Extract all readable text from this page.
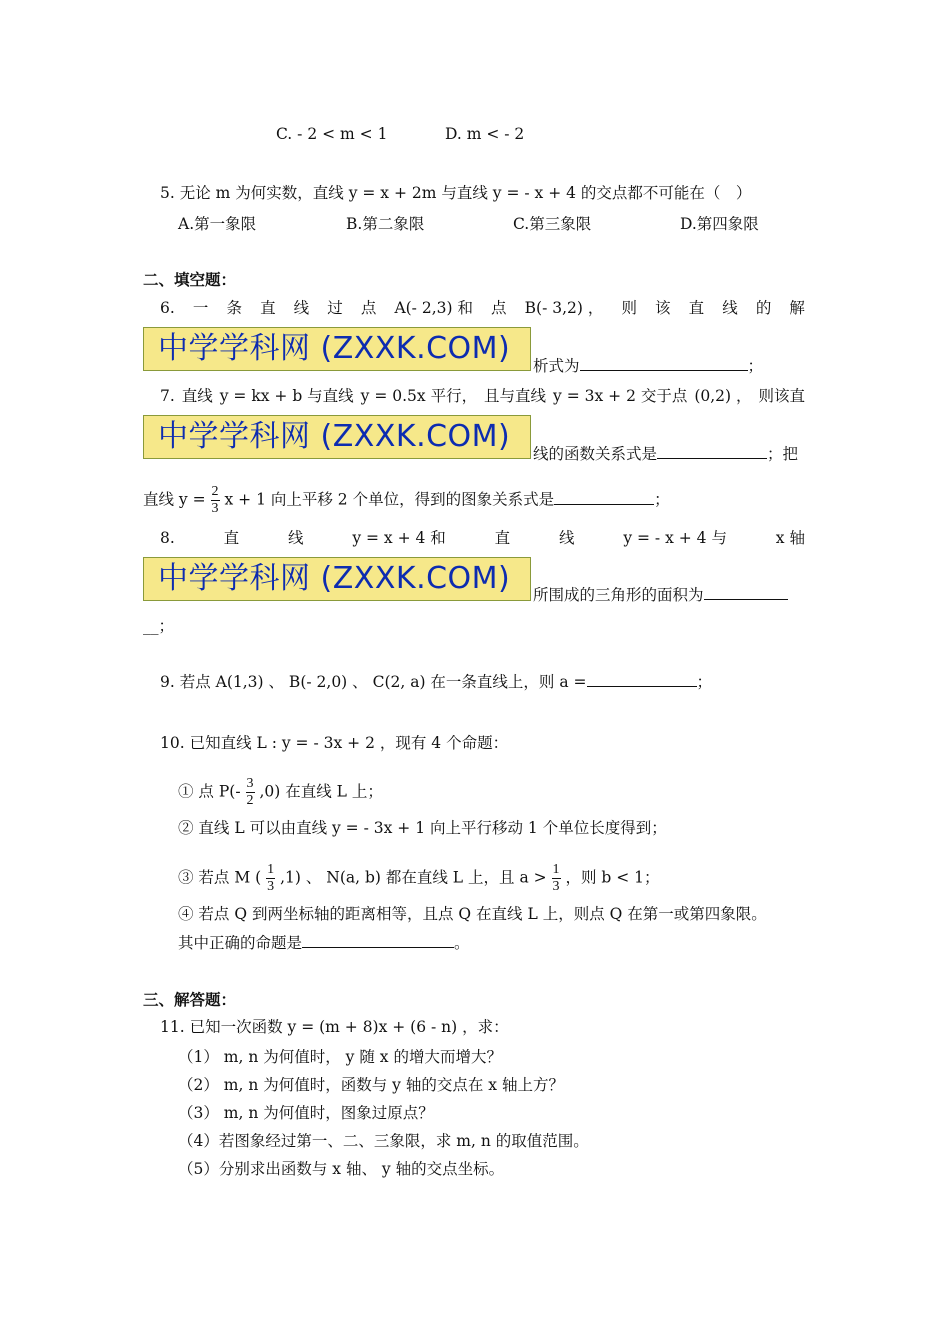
C. - 2 < m < 1	D. m < - 2
5. 无论 m 为何实数，直线 y = x + 2m 与直线 y = - x + 4 的交点都不可能在（　）
A.第一象限	B.第二象限	C.第三象限	D.第四象限
二、填空题：
6. 一 条 直 线 过 点 A(- 2,3) 和 点 B(- 3,2) ， 则 该 直 线 的 解
中学学科网 (ZXXK.COM)	析式为	；
7. 直线 y = kx + b 与直线 y = 0.5x 平行， 且与直线 y = 3x + 2 交于点 (0,2) ， 则该直
中学学科网 (ZXXK.COM)	线的函数关系式是	；把
直线 $y = \frac{2}{3}$ x + 1 向上平移 2 个单位，得到的图象关系式是	；
8.	直	线	y = x + 4 和	直	线	y = - x + 4 与	x 轴
中学学科网 (ZXXK.COM)	所围成的三角形的面积为
__；
9. 若点 A(1,3) 、 B(- 2,0) 、 C(2, a) 在一条直线上，则 a =	；
10. 已知直线 L : y = - 3x + 2 ，现有 4 个命题：
① 点 $P(- \frac{3}{2} ,0)$ 在直线 L 上；
② 直线 L 可以由直线 y = - 3x + 1 向上平行移动 1 个单位长度得到；
③ 若点 M ( $\frac{1}{3} ,1$) 、 N(a, b) 都在直线 L 上，且 $a > \frac{1}{3}$ ，则 b < 1；
④ 若点 Q 到两坐标轴的距离相等，且点 Q 在直线 L 上，则点 Q 在第一或第四象限。
其中正确的命题是	。
三、解答题：
11. 已知一次函数 y = (m + 8)x + (6 - n) ，求：
（1） m, n 为何值时， y 随 x 的增大而增大？
（2） m, n 为何值时，函数与 y 轴的交点在 x 轴上方？
（3） m, n 为何值时，图象过原点？
（4）若图象经过第一、二、三象限，求 m, n 的取值范围。
（5）分别求出函数与 x 轴、 y 轴的交点坐标。
